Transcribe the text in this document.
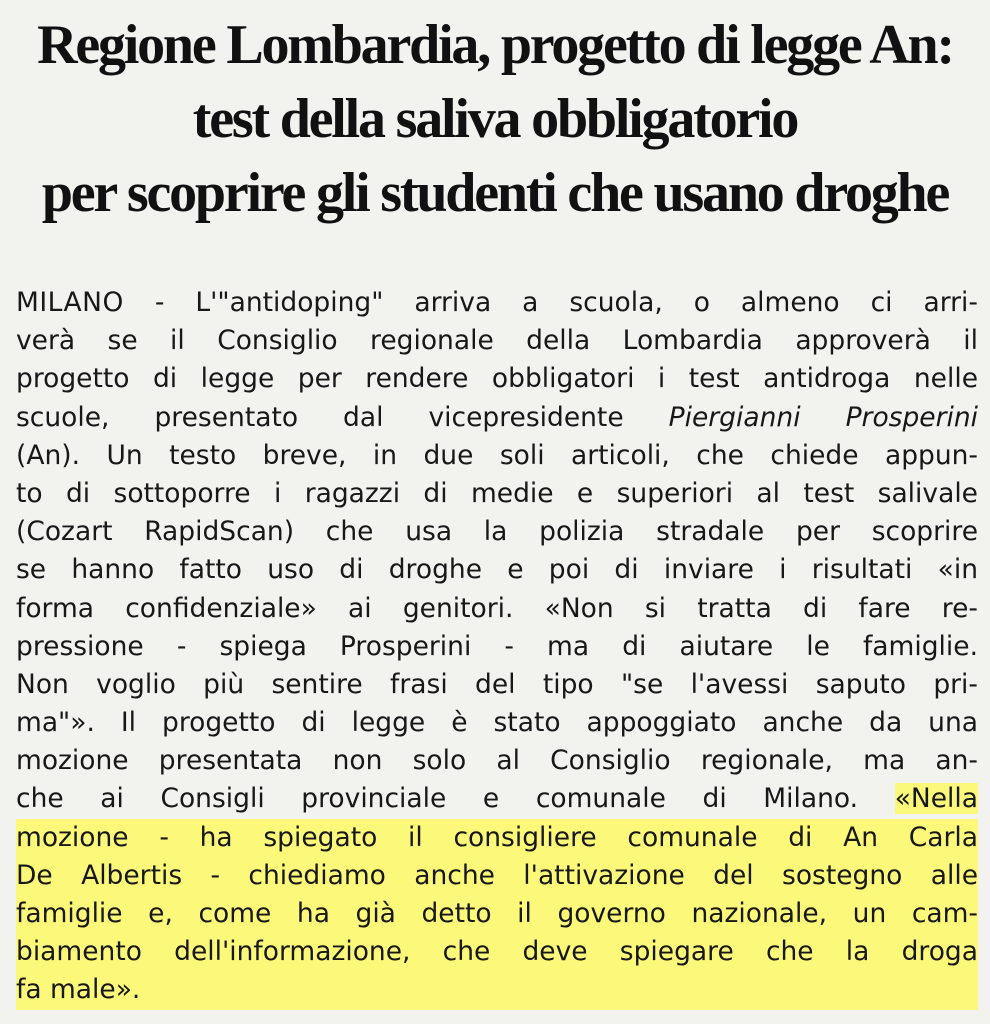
Regione Lombardia, progetto di legge An:
test della saliva obbligatorio
per scoprire gli studenti che usano droghe
MILANO - L'"antidoping" arriva a scuola, o almeno ci arri-
verà se il Consiglio regionale della Lombardia approverà il
progetto di legge per rendere obbligatori i test antidroga nelle
scuole, presentato dal vicepresidente Piergianni Prosperini
(An). Un testo breve, in due soli articoli, che chiede appun-
to di sottoporre i ragazzi di medie e superiori al test salivale
(Cozart RapidScan) che usa la polizia stradale per scoprire
se hanno fatto uso di droghe e poi di inviare i risultati «in
forma confidenziale» ai genitori. «Non si tratta di fare re-
pressione - spiega Prosperini - ma di aiutare le famiglie.
Non voglio più sentire frasi del tipo "se l'avessi saputo pri-
ma"». Il progetto di legge è stato appoggiato anche da una
mozione presentata non solo al Consiglio regionale, ma an-
che ai Consigli provinciale e comunale di Milano. «Nella
mozione - ha spiegato il consigliere comunale di An Carla
De Albertis - chiediamo anche l'attivazione del sostegno alle
famiglie e, come ha già detto il governo nazionale, un cam-
biamento dell'informazione, che deve spiegare che la droga
fa male».
